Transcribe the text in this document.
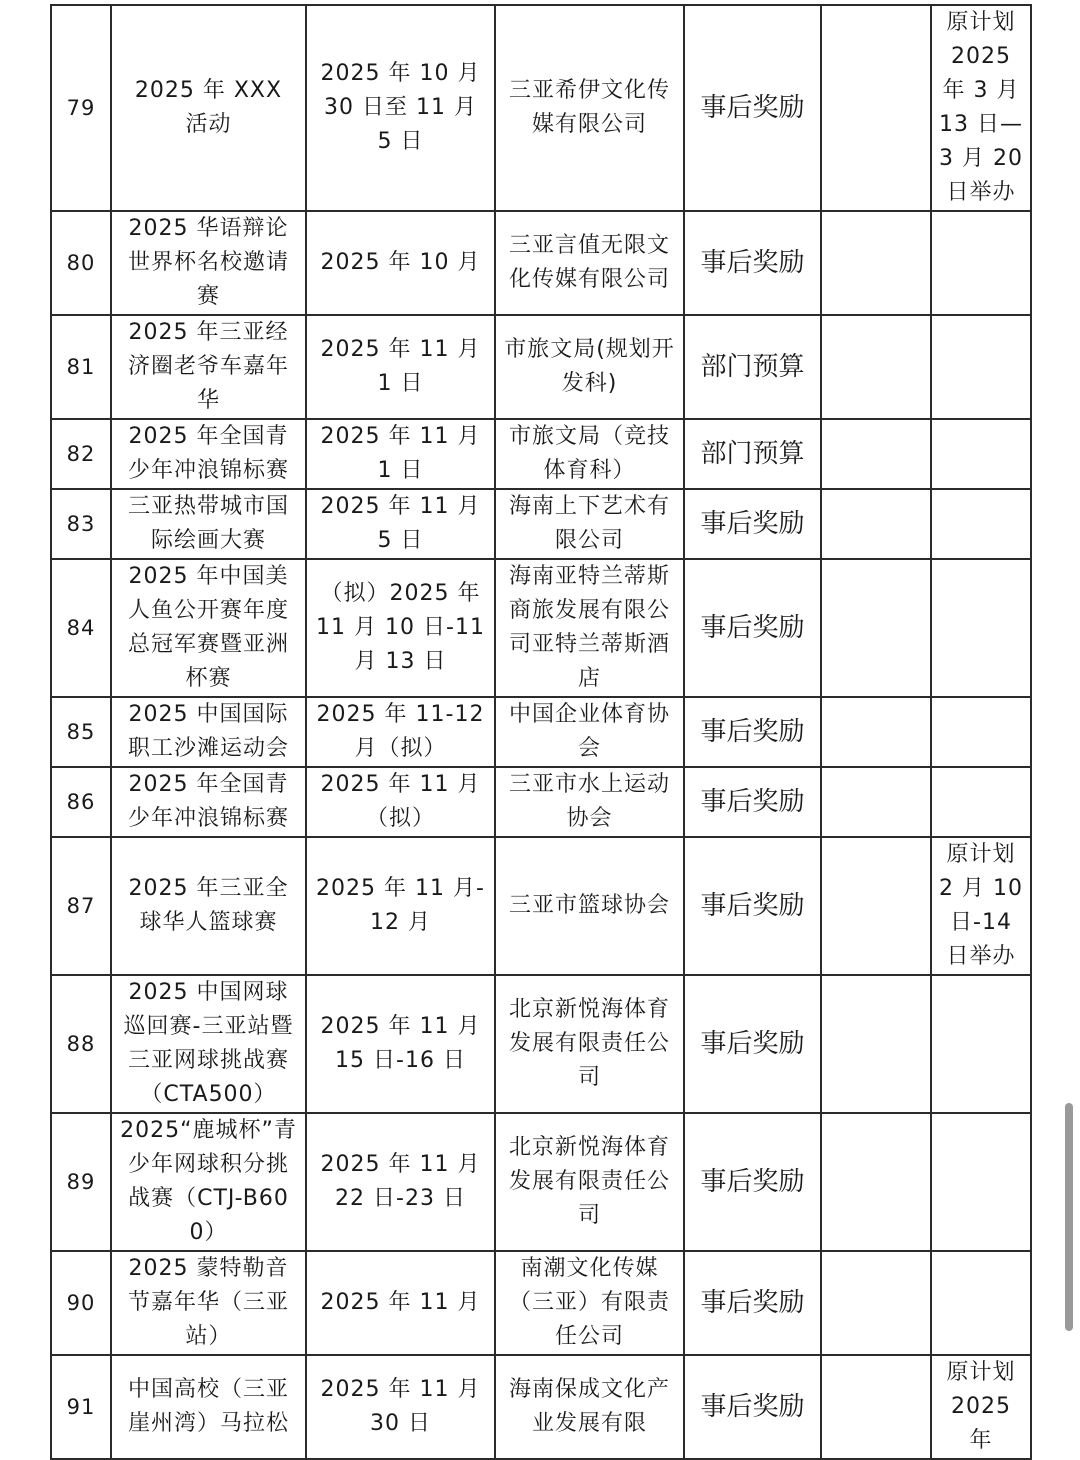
79	2025 年 XXX 活动	2025 年 10 月 30 日至 11 月 5 日	三亚希伊文化传媒有限公司	事后奖励		原计划 2025 年 3 月 13 日—3 月 20 日举办
80	2025 华语辩论世界杯名校邀请赛	2025 年 10 月	三亚言值无限文化传媒有限公司	事后奖励		
81	2025 年三亚经济圈老爷车嘉年华	2025 年 11 月 1 日	市旅文局(规划开发科)	部门预算		
82	2025 年全国青少年冲浪锦标赛	2025 年 11 月 1 日	市旅文局（竞技体育科）	部门预算		
83	三亚热带城市国际绘画大赛	2025 年 11 月 5 日	海南上下艺术有限公司	事后奖励		
84	2025 年中国美人鱼公开赛年度总冠军赛暨亚洲杯赛	（拟）2025 年 11 月 10 日-11 月 13 日	海南亚特兰蒂斯商旅发展有限公司亚特兰蒂斯酒店	事后奖励		
85	2025 中国国际职工沙滩运动会	2025 年 11-12 月（拟）	中国企业体育协会	事后奖励		
86	2025 年全国青少年冲浪锦标赛	2025 年 11 月（拟）	三亚市水上运动协会	事后奖励		
87	2025 年三亚全球华人篮球赛	2025 年 11 月-12 月	三亚市篮球协会	事后奖励		原计划 2 月 10 日-14 日举办
88	2025 中国网球巡回赛-三亚站暨三亚网球挑战赛（CTA500）	2025 年 11 月 15 日-16 日	北京新悦海体育发展有限责任公司	事后奖励		
89	2025“鹿城杯”青少年网球积分挑战赛（CTJ-B600）	2025 年 11 月 22 日-23 日	北京新悦海体育发展有限责任公司	事后奖励		
90	2025 蒙特勒音节嘉年华（三亚站）	2025 年 11 月	南潮文化传媒（三亚）有限责任公司	事后奖励		
91	中国高校（三亚崖州湾）马拉松	2025 年 11 月 30 日	海南保成文化产业发展有限	事后奖励		原计划 2025 年
